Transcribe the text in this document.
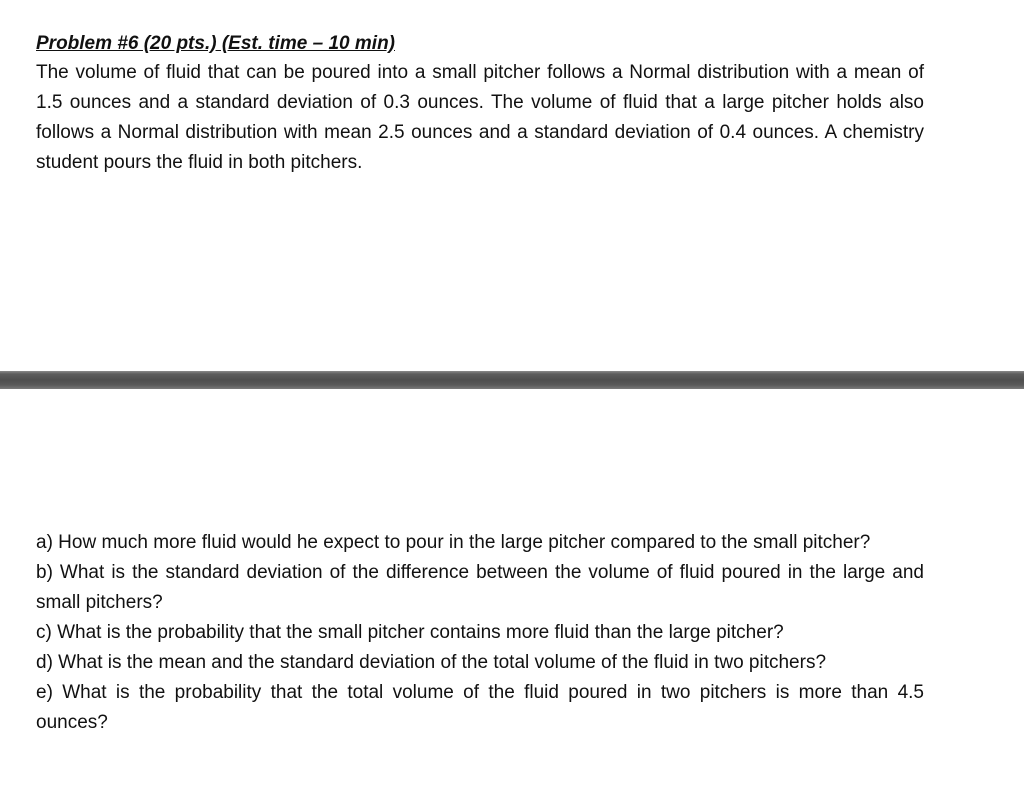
Problem #6 (20 pts.) (Est. time – 10 min)

The volume of fluid that can be poured into a small pitcher follows a Normal distribution with a mean of 1.5 ounces and a standard deviation of 0.3 ounces. The volume of fluid that a large pitcher holds also follows a Normal distribution with mean 2.5 ounces and a standard deviation of 0.4 ounces. A chemistry student pours the fluid in both pitchers.

a) How much more fluid would he expect to pour in the large pitcher compared to the small pitcher?

b) What is the standard deviation of the difference between the volume of fluid poured in the large and small pitchers?

c) What is the probability that the small pitcher contains more fluid than the large pitcher?

d) What is the mean and the standard deviation of the total volume of the fluid in two pitchers?

e) What is the probability that the total volume of the fluid poured in two pitchers is more than 4.5 ounces?
